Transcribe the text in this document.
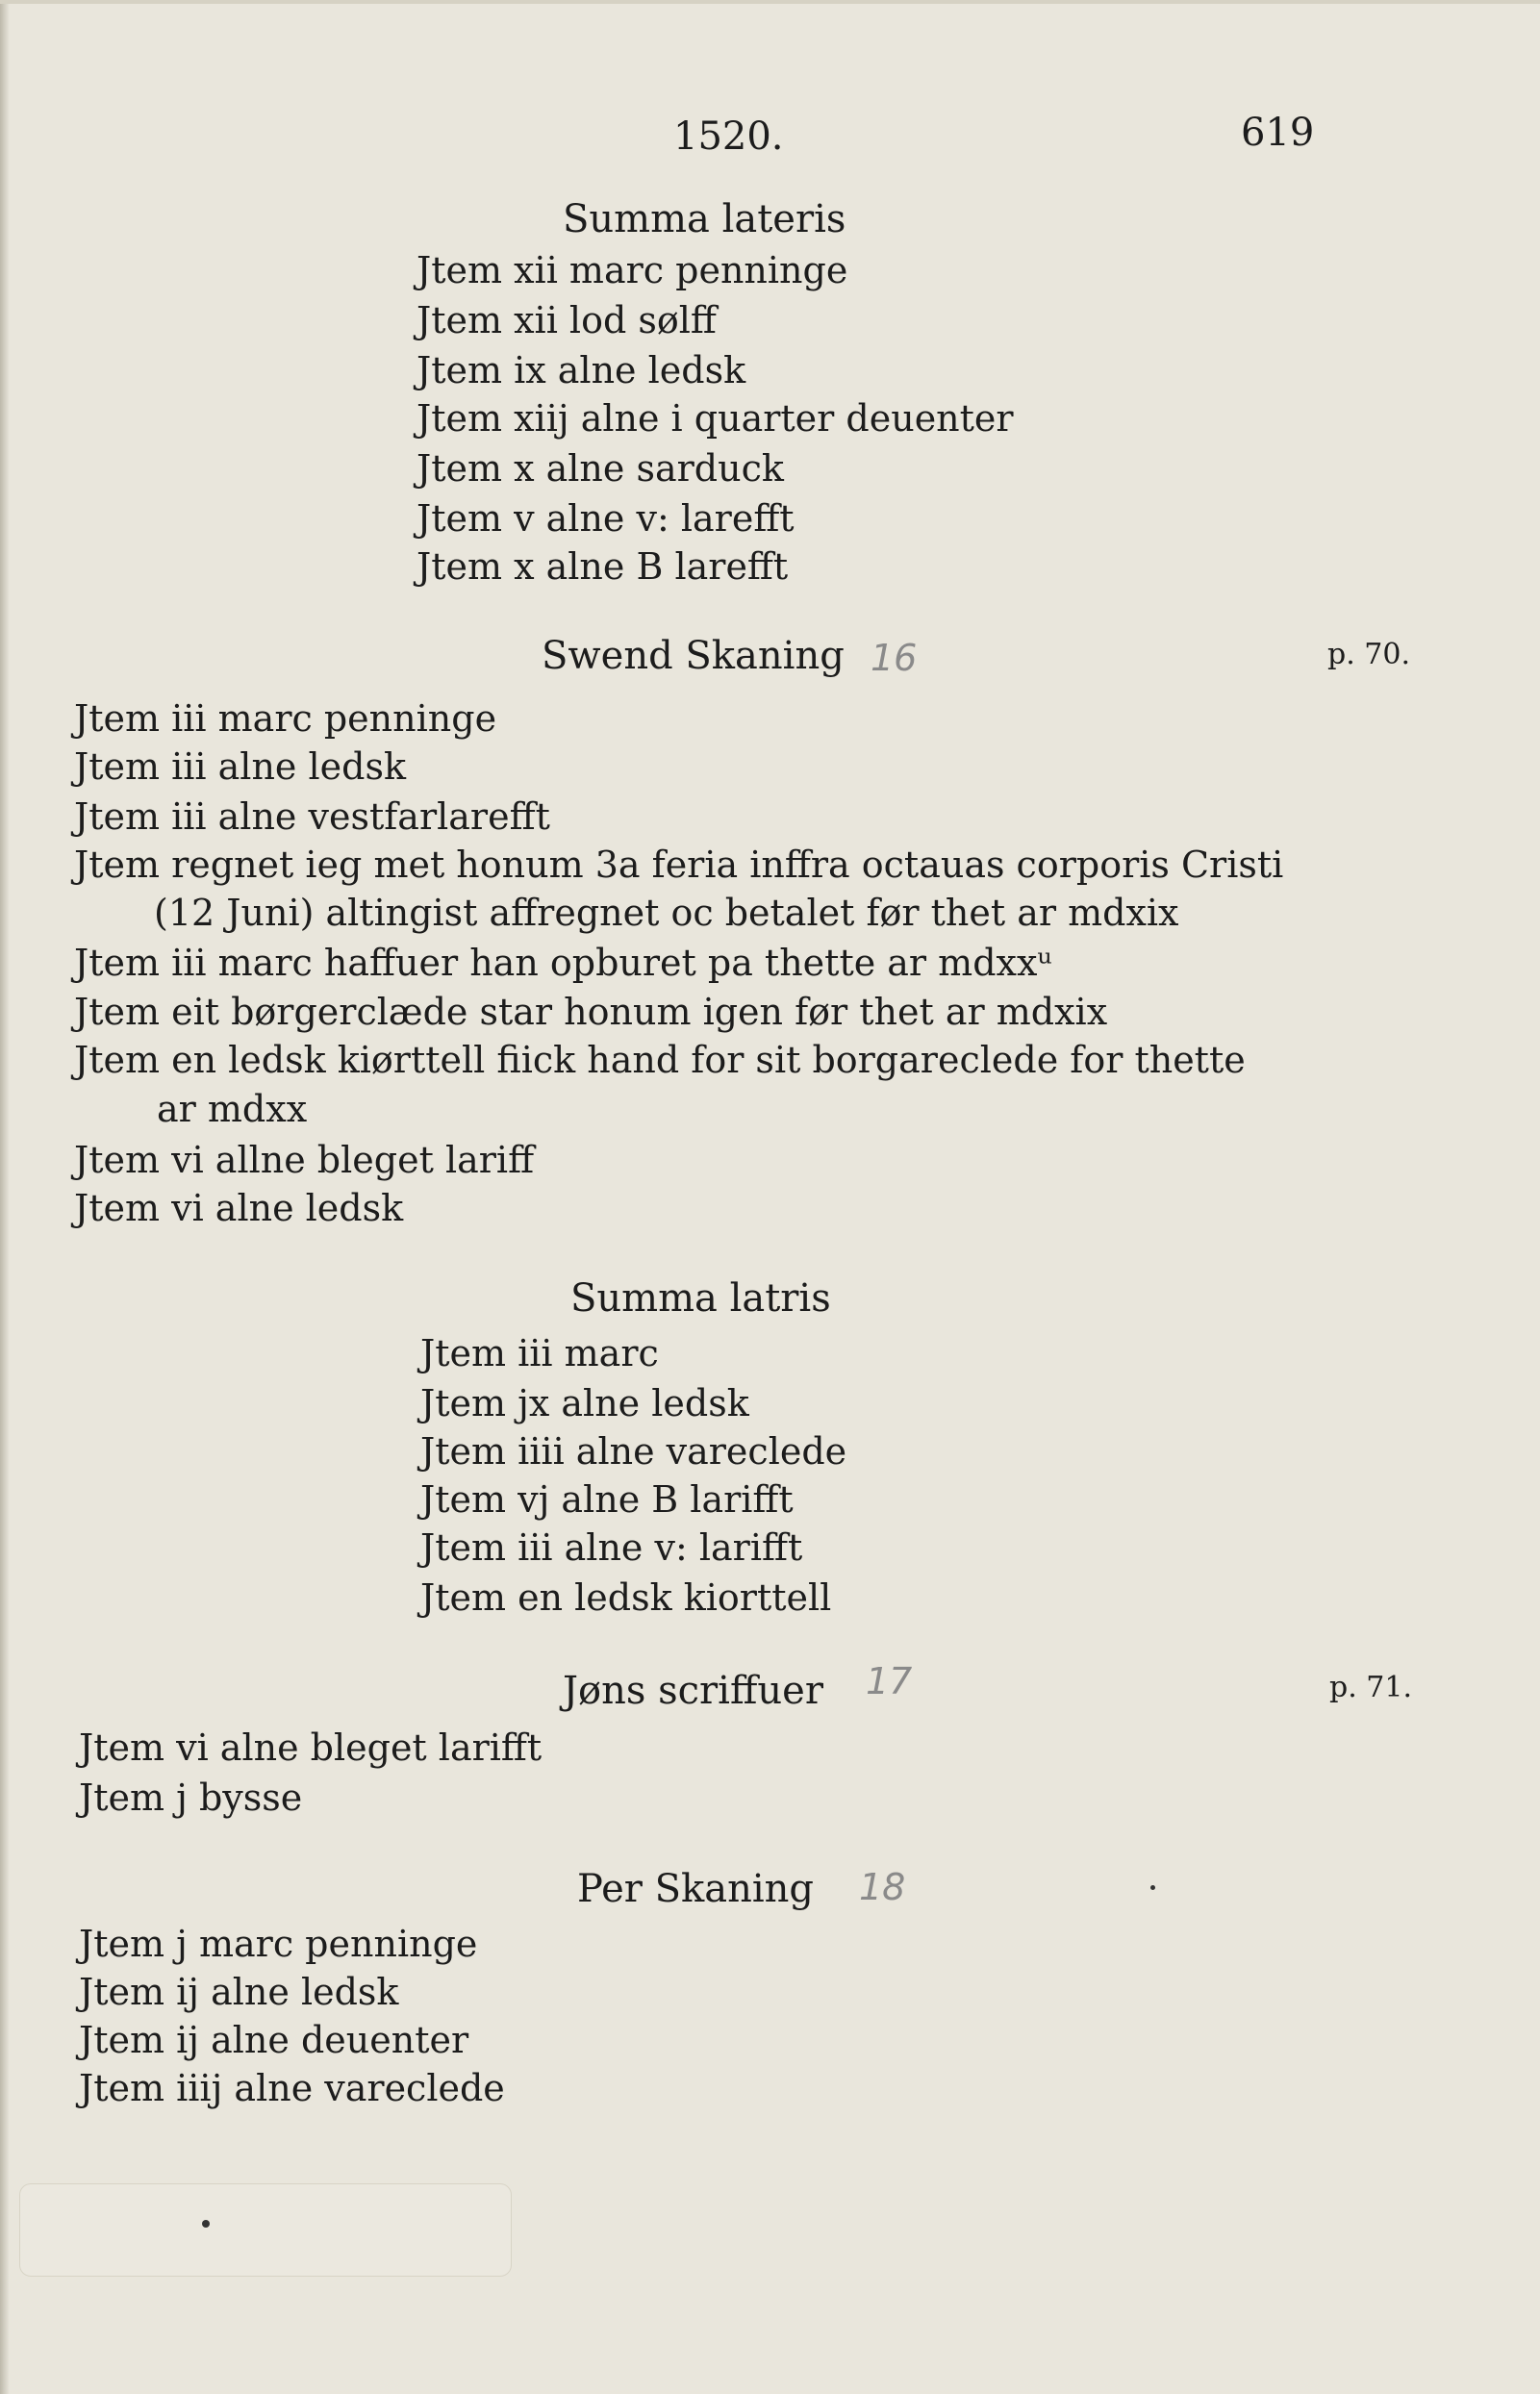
1520.	619
Summa lateris
Jtem xii marc penninge
Jtem xii lod sølff
Jtem ix alne ledsk
Jtem xiij alne i quarter deuenter
Jtem x alne sarduck
Jtem v alne v: larefft
Jtem x alne B larefft
Swend Skaning 16	p. 70.
Jtem iii marc penninge
Jtem iii alne ledsk
Jtem iii alne vestfarlarefft
Jtem regnet ieg met honum 3a feria inffra octauas corporis Cristi
(12 Juni) altingist affregnet oc betalet før thet ar mdxix
Jtem iii marc haffuer han opburet pa thette ar mdxxᵘ
Jtem eit børgerclæde star honum igen før thet ar mdxix
Jtem en ledsk kiørttell fiick hand for sit borgareclede for thette
ar mdxx
Jtem vi allne bleget lariff
Jtem vi alne ledsk
Summa latris
Jtem iii marc
Jtem jx alne ledsk
Jtem iiii alne vareclede
Jtem vj alne B larifft
Jtem iii alne v: larifft
Jtem en ledsk kiorttell
Jøns scriffuer 17	p. 71.
Jtem vi alne bleget larifft
Jtem j bysse
Per Skaning 18
Jtem j marc penninge
Jtem ij alne ledsk
Jtem ij alne deuenter
Jtem iiij alne vareclede
